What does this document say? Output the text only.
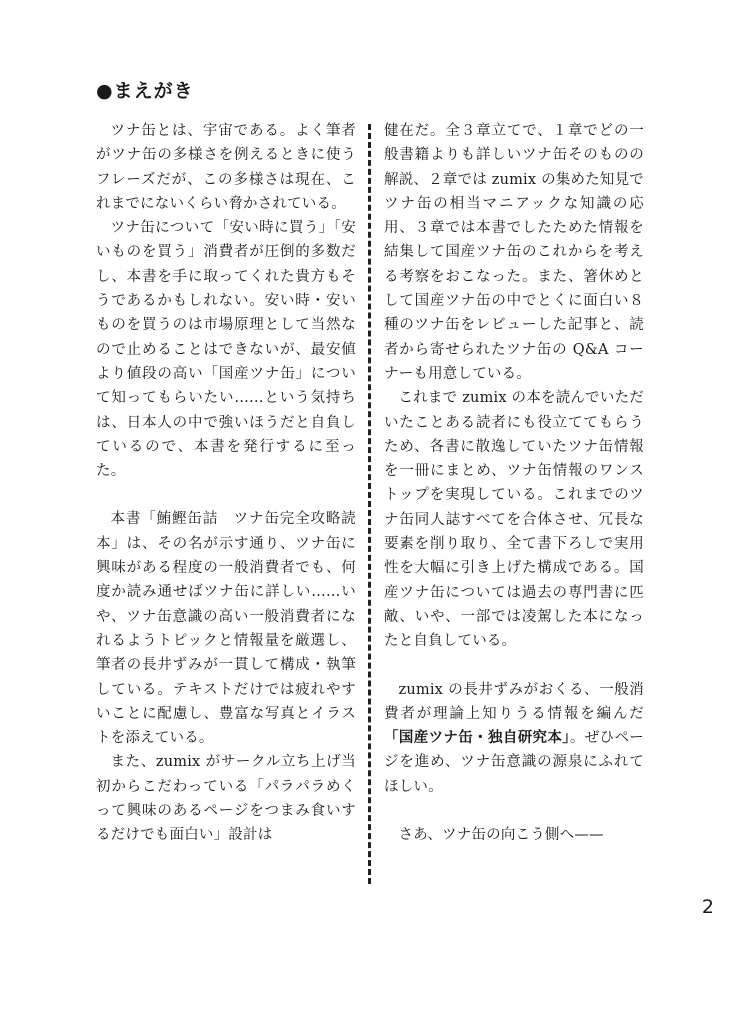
●まえがき

ツナ缶とは、宇宙である。よく筆者がツナ缶の多様さを例えるときに使うフレーズだが、この多様さは現在、これまでにないくらい脅かされている。

ツナ缶について「安い時に買う」「安いものを買う」消費者が圧倒的多数だし、本書を手に取ってくれた貴方もそうであるかもしれない。安い時・安いものを買うのは市場原理として当然なので止めることはできないが、最安値より値段の高い「国産ツナ缶」について知ってもらいたい……という気持ちは、日本人の中で強いほうだと自負しているので、本書を発行するに至った。

本書「鮪鰹缶詰　ツナ缶完全攻略読本」は、その名が示す通り、ツナ缶に興味がある程度の一般消費者でも、何度か読み通せばツナ缶に詳しい……いや、ツナ缶意識の高い一般消費者になれるようトピックと情報量を厳選し、筆者の長井ずみが一貫して構成・執筆している。テキストだけでは疲れやすいことに配慮し、豊富な写真とイラストを添えている。

また、zumix がサークル立ち上げ当初からこだわっている「パラパラめくって興味のあるページをつまみ食いするだけでも面白い」設計は

健在だ。全３章立てで、１章でどの一般書籍よりも詳しいツナ缶そのものの解説、２章では zumix の集めた知見でツナ缶の相当マニアックな知識の応用、３章では本書でしたためた情報を結集して国産ツナ缶のこれからを考える考察をおこなった。また、箸休めとして国産ツナ缶の中でとくに面白い８種のツナ缶をレビューした記事と、読者から寄せられたツナ缶の Q&A コーナーも用意している。

これまで zumix の本を読んでいただいたことある読者にも役立ててもらうため、各書に散逸していたツナ缶情報を一冊にまとめ、ツナ缶情報のワンストップを実現している。これまでのツナ缶同人誌すべてを合体させ、冗長な要素を削り取り、全て書下ろしで実用性を大幅に引き上げた構成である。国産ツナ缶については過去の専門書に匹敵、いや、一部では凌駕した本になったと自負している。

zumix の長井ずみがおくる、一般消費者が理論上知りうる情報を編んだ「国産ツナ缶・独自研究本」。ぜひページを進め、ツナ缶意識の源泉にふれてほしい。

さあ、ツナ缶の向こう側へ——

2
